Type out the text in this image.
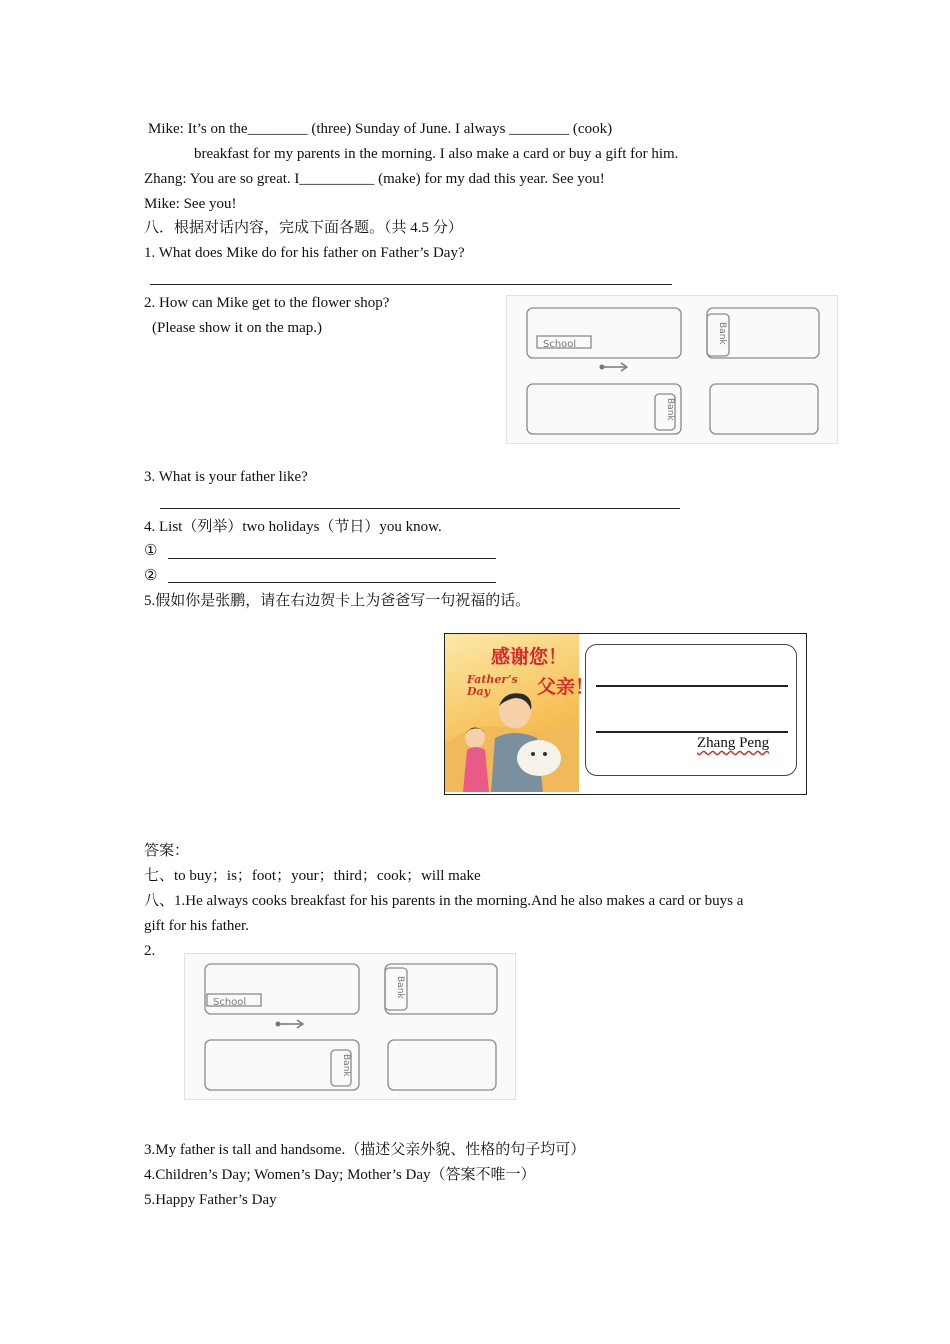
Mike: It’s on the________ (three) Sunday of June. I always ________ (cook)
breakfast for my parents in the morning. I also make a card or buy a gift for him.
Zhang: You are so great. I__________ (make) for my dad this year. See you!
Mike: See you!
八．根据对话内容，完成下面各题。（共 4.5 分）
1. What does Mike do for his father on Father’s Day?
2. How can Mike get to the flower shop?
(Please show it on the map.)
School	Bank
Bank
3. What is your father like?
4. List（列举）two holidays（节日）you know.
①
②
5.假如你是张鹏，请在右边贺卡上为爸爸写一句祝福的话。
感谢您！
父亲！
Father’s
Day
Zhang Peng
答案：
七、to buy；is；foot；your；third；cook；will make
八、1.He always cooks breakfast for his parents in the morning.And he also makes a card or buys a
gift for his father.
2.
School
Bank
Bank
3.My father is tall and handsome.（描述父亲外貌、性格的句子均可）
4.Children’s Day; Women’s Day; Mother’s Day（答案不唯一）
5.Happy Father’s Day
